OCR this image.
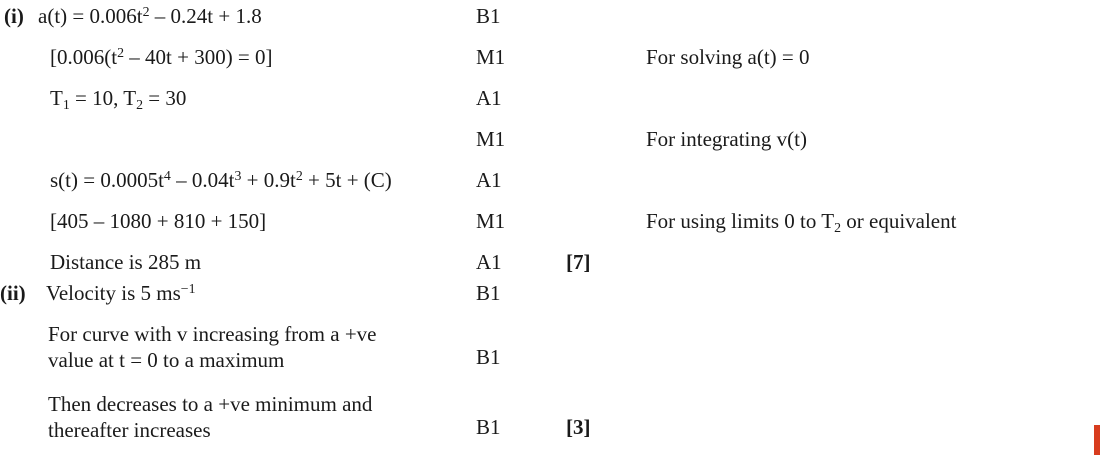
(i) $a(t) = 0.006t^2 - 0.24t + 1.8$	B1
$[0.006(t^2 - 40t + 300) = 0]$	M1	For solving a(t) = 0
$T_1 = 10$, $T_2 = 30$	A1
M1	For integrating v(t)
$s(t) = 0.0005t^4 - 0.04t^3 + 0.9t^2 + 5t + (C)$	A1
[405 – 1080 + 810 + 150]	M1	For using limits 0 to $T_2$ or equivalent
Distance is 285 m	A1	[7]
(ii) Velocity is 5 $ms^{-1}$	B1
For curve with v increasing from a +ve
value at t = 0 to a maximum	B1
Then decreases to a +ve minimum and
thereafter increases	B1	[3]
